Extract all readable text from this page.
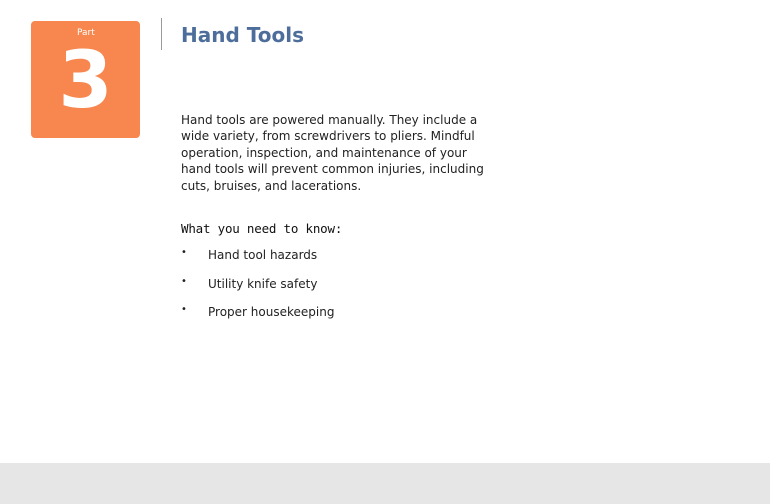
Part
3
Hand Tools
Hand tools are powered manually. They include a wide variety, from screwdrivers to pliers. Mindful operation, inspection, and maintenance of your hand tools will prevent common injuries, including cuts, bruises, and lacerations.
What you need to know:
• Hand tool hazards
• Utility knife safety
• Proper housekeeping
